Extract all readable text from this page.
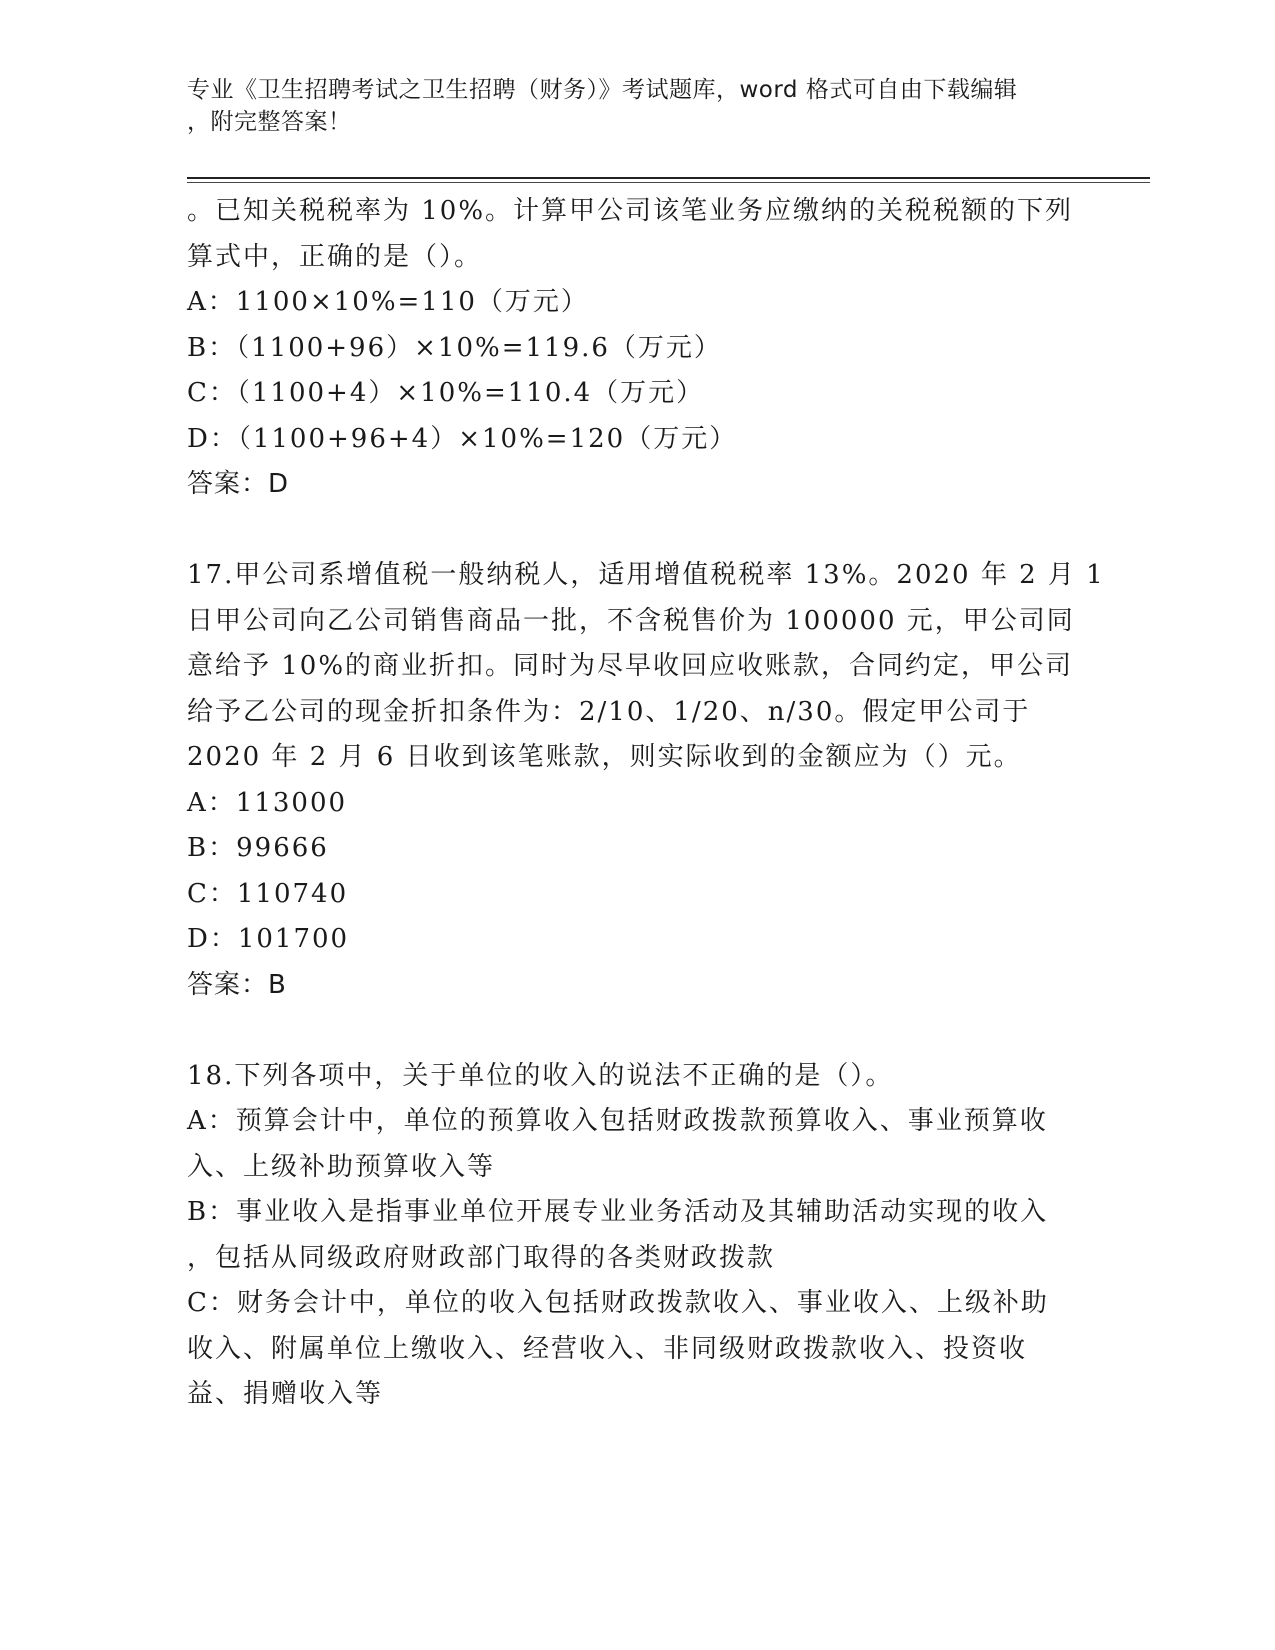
专业《卫生招聘考试之卫生招聘（财务）》考试题库，word 格式可自由下载编辑
，附完整答案！
。已知关税税率为 10%。计算甲公司该笔业务应缴纳的关税税额的下列
算式中，正确的是（）。
A：1100×10%=110（万元）
B：（1100+96）×10%=119.6（万元）
C：（1100+4）×10%=110.4（万元）
D：（1100+96+4）×10%=120（万元）
答案：D
17.甲公司系增值税一般纳税人，适用增值税税率 13%。2020 年 2 月 1
日甲公司向乙公司销售商品一批，不含税售价为 100000 元，甲公司同
意给予 10%的商业折扣。同时为尽早收回应收账款，合同约定，甲公司
给予乙公司的现金折扣条件为：2/10、1/20、n/30。假定甲公司于
2020 年 2 月 6 日收到该笔账款，则实际收到的金额应为（）元。
A：113000
B：99666
C：110740
D：101700
答案：B
18.下列各项中，关于单位的收入的说法不正确的是（）。
A：预算会计中，单位的预算收入包括财政拨款预算收入、事业预算收
入、上级补助预算收入等
B：事业收入是指事业单位开展专业业务活动及其辅助活动实现的收入
，包括从同级政府财政部门取得的各类财政拨款
C：财务会计中，单位的收入包括财政拨款收入、事业收入、上级补助
收入、附属单位上缴收入、经营收入、非同级财政拨款收入、投资收
益、捐赠收入等
